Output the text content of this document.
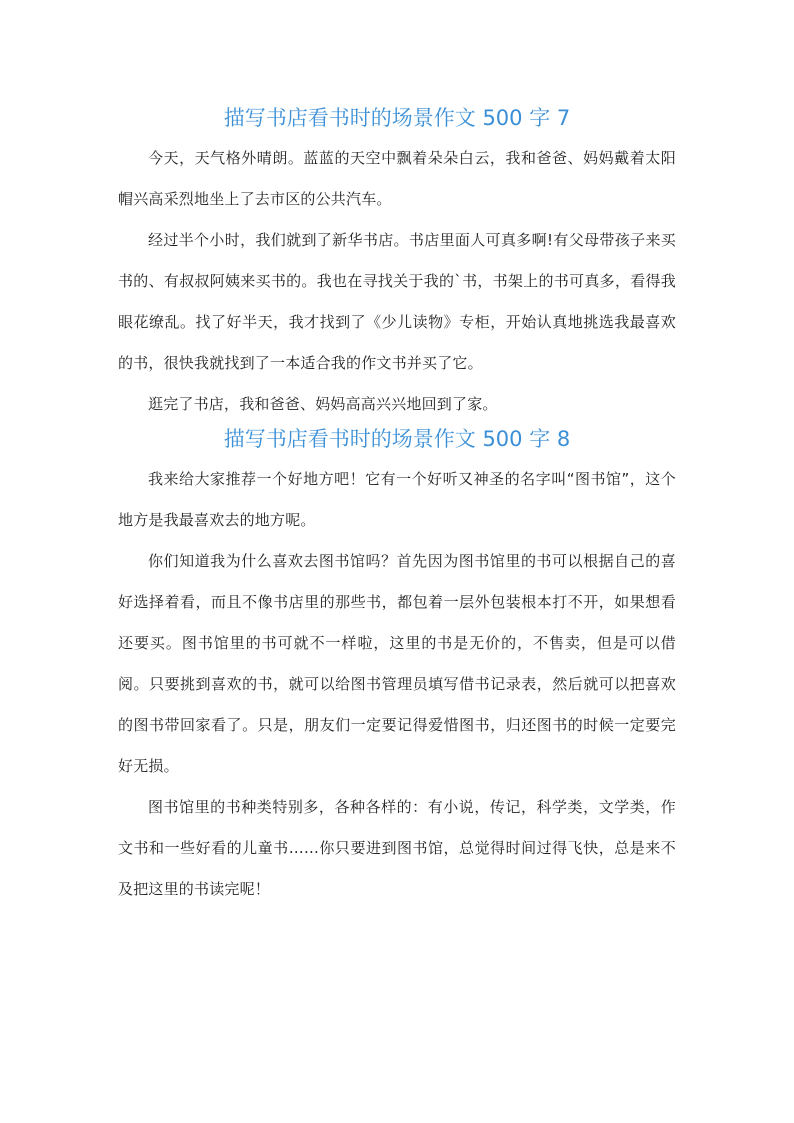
描写书店看书时的场景作文 500 字 7

今天，天气格外晴朗。蓝蓝的天空中飘着朵朵白云，我和爸爸、妈妈戴着太阳帽兴高采烈地坐上了去市区的公共汽车。

经过半个小时，我们就到了新华书店。书店里面人可真多啊!有父母带孩子来买书的、有叔叔阿姨来买书的。我也在寻找关于我的`书，书架上的书可真多，看得我眼花缭乱。找了好半天，我才找到了《少儿读物》专柜，开始认真地挑选我最喜欢的书，很快我就找到了一本适合我的作文书并买了它。

逛完了书店，我和爸爸、妈妈高高兴兴地回到了家。

描写书店看书时的场景作文 500 字 8

我来给大家推荐一个好地方吧！它有一个好听又神圣的名字叫“图书馆”，这个地方是我最喜欢去的地方呢。

你们知道我为什么喜欢去图书馆吗？首先因为图书馆里的书可以根据自己的喜好选择着看，而且不像书店里的那些书，都包着一层外包装根本打不开，如果想看还要买。图书馆里的书可就不一样啦，这里的书是无价的，不售卖，但是可以借阅。只要挑到喜欢的书，就可以给图书管理员填写借书记录表，然后就可以把喜欢的图书带回家看了。只是，朋友们一定要记得爱惜图书，归还图书的时候一定要完好无损。

图书馆里的书种类特别多，各种各样的：有小说，传记，科学类，文学类，作文书和一些好看的儿童书……你只要进到图书馆，总觉得时间过得飞快，总是来不及把这里的书读完呢！
